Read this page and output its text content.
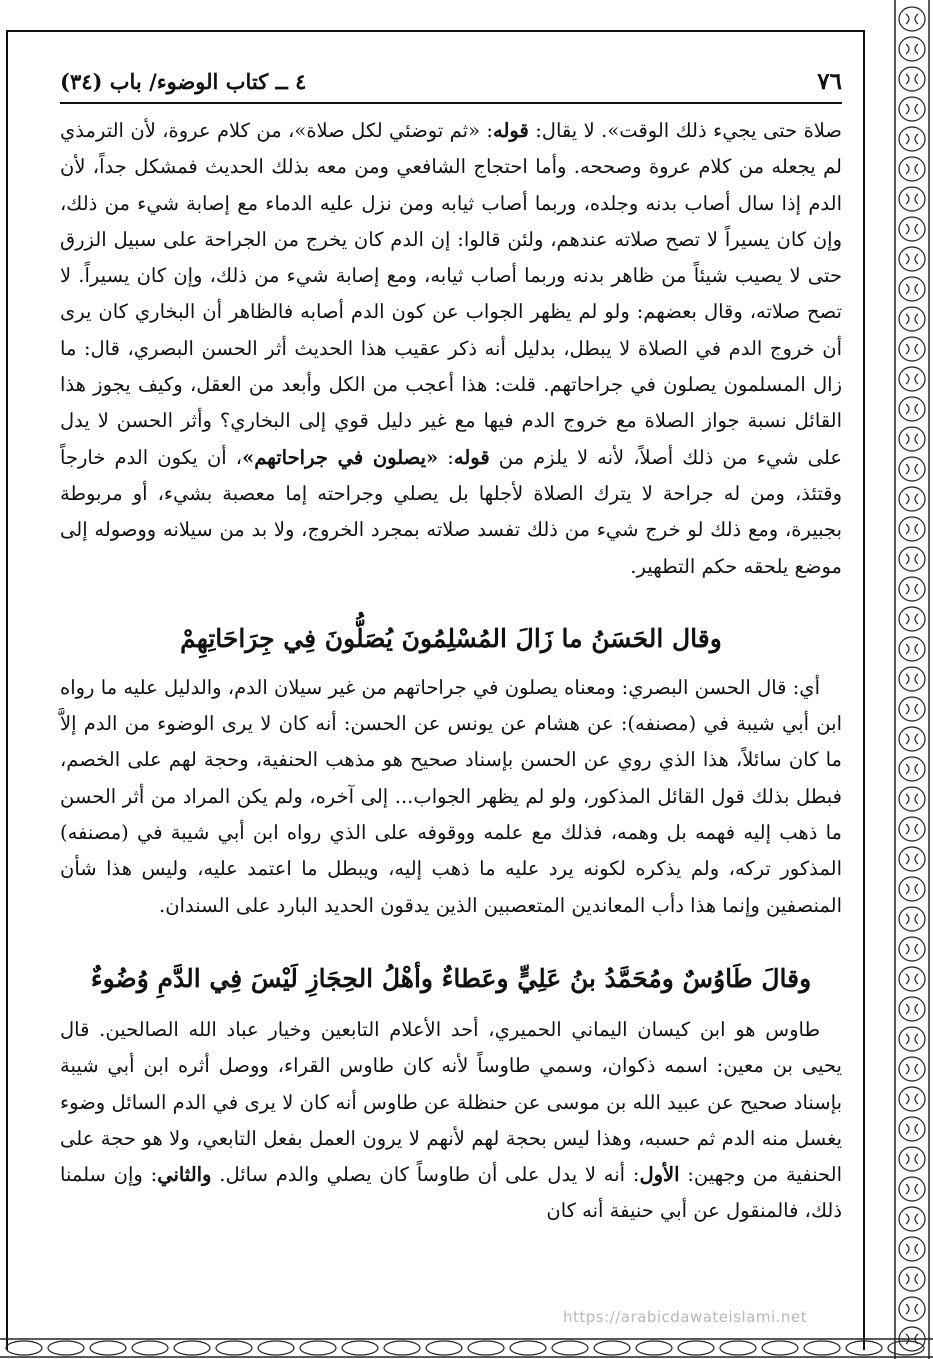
٧٦
٤ ــ كتاب الوضوء/ باب (٣٤)

صلاة حتى يجيء ذلك الوقت». لا يقال: قوله: «ثم توضئي لكل صلاة»، من كلام عروة، لأن الترمذي لم يجعله من كلام عروة وصححه. وأما احتجاج الشافعي ومن معه بذلك الحديث فمشكل جداً، لأن الدم إذا سال أصاب بدنه وجلده، وربما أصاب ثيابه ومن نزل عليه الدماء مع إصابة شيء من ذلك، وإن كان يسيراً لا تصح صلاته عندهم، ولئن قالوا: إن الدم كان يخرج من الجراحة على سبيل الزرق حتى لا يصيب شيئاً من ظاهر بدنه وربما أصاب ثيابه، ومع إصابة شيء من ذلك، وإن كان يسيراً. لا تصح صلاته، وقال بعضهم: ولو لم يظهر الجواب عن كون الدم أصابه فالظاهر أن البخاري كان يرى أن خروج الدم في الصلاة لا يبطل، بدليل أنه ذكر عقيب هذا الحديث أثر الحسن البصري، قال: ما زال المسلمون يصلون في جراحاتهم. قلت: هذا أعجب من الكل وأبعد من العقل، وكيف يجوز هذا القائل نسبة جواز الصلاة مع خروج الدم فيها مع غير دليل قوي إلى البخاري؟ وأثر الحسن لا يدل على شيء من ذلك أصلاً، لأنه لا يلزم من قوله: «يصلون في جراحاتهم»، أن يكون الدم خارجاً وقتئذ، ومن له جراحة لا يترك الصلاة لأجلها بل يصلي وجراحته إما معصبة بشيء، أو مربوطة بجبيرة، ومع ذلك لو خرج شيء من ذلك تفسد صلاته بمجرد الخروج، ولا بد من سيلانه ووصوله إلى موضع يلحقه حكم التطهير.

وقال الحَسَنُ ما زَالَ المُسْلِمُونَ يُصَلُّونَ فِي جِرَاحَاتِهِمْ

أي: قال الحسن البصري: ومعناه يصلون في جراحاتهم من غير سيلان الدم، والدليل عليه ما رواه ابن أبي شيبة في (مصنفه): عن هشام عن يونس عن الحسن: أنه كان لا يرى الوضوء من الدم إلاَّ ما كان سائلاً، هذا الذي روي عن الحسن بإسناد صحيح هو مذهب الحنفية، وحجة لهم على الخصم، فبطل بذلك قول القائل المذكور، ولو لم يظهر الجواب... إلى آخره، ولم يكن المراد من أثر الحسن ما ذهب إليه فهمه بل وهمه، فذلك مع علمه ووقوفه على الذي رواه ابن أبي شيبة في (مصنفه) المذكور تركه، ولم يذكره لكونه يرد عليه ما ذهب إليه، ويبطل ما اعتمد عليه، وليس هذا شأن المنصفين وإنما هذا دأب المعاندين المتعصبين الذين يدقون الحديد البارد على السندان.

وقالَ طَاوُسٌ ومُحَمَّدُ بنُ عَلِيٍّ وعَطاءٌ وأهْلُ الحِجَازِ لَيْسَ فِي الدَّمِ وُضُوءٌ

طاوس هو ابن كيسان اليماني الحميري، أحد الأعلام التابعين وخيار عباد الله الصالحين. قال يحيى بن معين: اسمه ذكوان، وسمي طاوساً لأنه كان طاوس القراء، ووصل أثره ابن أبي شيبة بإسناد صحيح عن عبيد الله بن موسى عن حنظلة عن طاوس أنه كان لا يرى في الدم السائل وضوء يغسل منه الدم ثم حسبه، وهذا ليس بحجة لهم لأنهم لا يرون العمل بفعل التابعي، ولا هو حجة على الحنفية من وجهين: الأول: أنه لا يدل على أن طاوساً كان يصلي والدم سائل. والثاني: وإن سلمنا ذلك، فالمنقول عن أبي حنيفة أنه كان

https://arabicdawateislami.net
